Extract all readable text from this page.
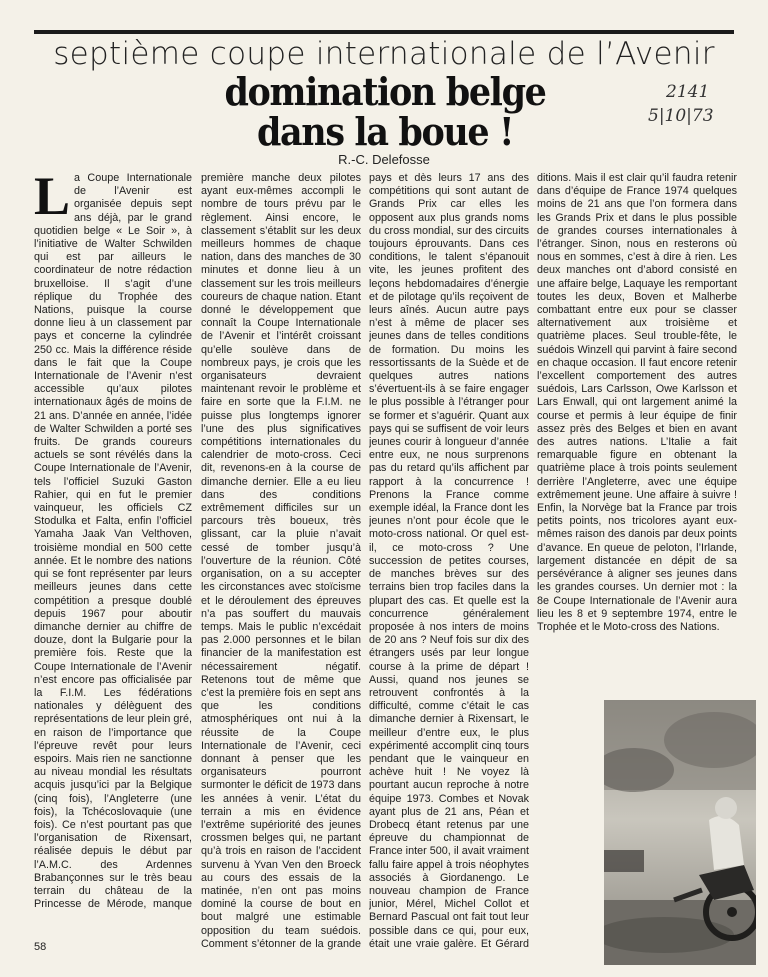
septième coupe internationale de l’Avenir
domination belge
dans la boue !
2141
5|10|73
R.-C. Delefosse
L a Coupe Internationale de l’Avenir est organisée depuis sept ans déjà, par le grand quotidien belge « Le Soir », à l’initiative de Walter Schwilden qui est par ailleurs le coordinateur de notre rédaction bruxelloise. Il s’agit d’une réplique du Trophée des Nations, puisque la course donne lieu à un classement par pays et concerne la cylindrée 250 cc. Mais la différence réside dans le fait que la Coupe Internationale de l’Avenir n’est accessible qu’aux pilotes internationaux âgés de moins de 21 ans. D’année en année, l’idée de Walter Schwilden a porté ses fruits. De grands coureurs actuels se sont révélés dans la Coupe Internationale de l’Avenir, tels l’officiel Suzuki Gaston Rahier, qui en fut le premier vainqueur, les officiels CZ Stodulka et Falta, enfin l’officiel Yamaha Jaak Van Velthoven, troisième mondial en 500 cette année. Et le nombre des nations qui se font représenter par leurs meilleurs jeunes dans cette compétition a presque doublé depuis 1967 pour aboutir dimanche dernier au chiffre de douze, dont la Bulgarie pour la première fois. Reste que la Coupe Internationale de l’Avenir n’est encore pas officialisée par la F.I.M. Les fédérations nationales y délèguent des représentations de leur plein gré, en raison de l’importance que l’épreuve revêt pour leurs espoirs. Mais rien ne sanctionne au niveau mondial les résultats acquis jusqu’ici par la Belgique (cinq fois), l’Angleterre (une fois), la Tchécoslovaquie (une fois). Ce n’est pourtant pas que l’organisation de Rixensart, réalisée depuis le début par l’A.M.C. des Ardennes Brabançonnes sur le très beau terrain du château de la Princesse de Mérode, manque

première manche deux pilotes ayant eux-mêmes accompli le nombre de tours prévu par le règlement. Ainsi encore, le classement s’établit sur les deux meilleurs hommes de chaque nation, dans des manches de 30 minutes et donne lieu à un classement sur les trois meilleurs coureurs de chaque nation. Etant donné le développement que connaît la Coupe Internationale de l’Avenir et l’intérêt croissant qu’elle soulève dans de nombreux pays, je crois que les organisateurs devraient maintenant revoir le problème et faire en sorte que la F.I.M. ne puisse plus longtemps ignorer l’une des plus significatives compétitions internationales du calendrier de moto-cross. Ceci dit, revenons-en à la course de dimanche dernier. Elle a eu lieu dans des conditions extrêmement difficiles sur un parcours très boueux, très glissant, car la pluie n’avait cessé de tomber jusqu’à l’ouverture de la réunion. Côté organisation, on a su accepter les circonstances avec stoïcisme et le déroulement des épreuves n’a pas souffert du mauvais temps. Mais le public n’excédait pas 2.000 personnes et le bilan financier de la manifestation est nécessairement négatif. Retenons tout de même que c’est la première fois en sept ans que les conditions atmosphériques ont nui à la réussite de la Coupe Internationale de l’Avenir, ceci donnant à penser que les organisateurs pourront surmonter le déficit de 1973 dans les années à venir. L’état du terrain a mis en évidence l’extrême supériorité des jeunes crossmen belges qui, ne partant qu’à trois en raison de l’accident survenu à Yvan Ven den Broeck au cours des essais de la matinée, n’en ont pas moins dominé la course de bout en bout malgré une estimable opposition du team suédois. Comment s’étonner de la grande

pays et dès leurs 17 ans des compétitions qui sont autant de Grands Prix car elles les opposent aux plus grands noms du cross mondial, sur des circuits toujours éprouvants. Dans ces conditions, le talent s’épanouit vite, les jeunes profitent des leçons hebdomadaires d’énergie et de pilotage qu’ils reçoivent de leurs aînés. Aucun autre pays n’est à même de placer ses jeunes dans de telles conditions de formation. Du moins les ressortissants de la Suède et de quelques autres nations s’évertuent-ils à se faire engager le plus possible à l’étranger pour se former et s’aguérir. Quant aux pays qui se suffisent de voir leurs jeunes courir à longueur d’année entre eux, ne nous surprenons pas du retard qu’ils affichent par rapport à la concurrence ! Prenons la France comme exemple idéal, la France dont les jeunes n’ont pour école que le moto-cross national. Or quel est-il, ce moto-cross ? Une succession de petites courses, de manches brèves sur des terrains bien trop faciles dans la plupart des cas. Et quelle est la concurrence généralement proposée à nos inters de moins de 20 ans ? Neuf fois sur dix des étrangers usés par leur longue course à la prime de départ ! Aussi, quand nos jeunes se retrouvent confrontés à la difficulté, comme c’était le cas dimanche dernier à Rixensart, le meilleur d’entre eux, le plus expérimenté accomplit cinq tours pendant que le vainqueur en achève huit ! Ne voyez là pourtant aucun reproche à notre équipe 1973. Combes et Novak ayant plus de 21 ans, Péan et Drobecq étant retenus par une épreuve du championnat de France inter 500, il avait vraiment fallu faire appel à trois néophytes associés à Giordanengo. Le nouveau champion de France junior, Mérel, Michel Collot et Bernard Pascual ont fait tout leur possible dans ce qui, pour eux, était une vraie galère. Et Gérard

ditions. Mais il est clair qu’il faudra retenir dans d’équipe de France 1974 quelques moins de 21 ans que l’on formera dans les Grands Prix et dans le plus possible de grandes courses internationales à l’étranger. Sinon, nous en resterons où nous en sommes, c’est à dire à rien. Les deux manches ont d’abord consisté en une affaire belge, Laquaye les remportant toutes les deux, Boven et Malherbe combattant entre eux pour se classer alternativement aux troisième et quatrième places. Seul trouble-fête, le suédois Winzell qui parvint à faire second en chaque occasion. Il faut encore retenir l’excellent comportement des autres suédois, Lars Carlsson, Owe Karlsson et Lars Enwall, qui ont largement animé la course et permis à leur équipe de finir assez près des Belges et bien en avant des autres nations. L’Italie a fait remarquable figure en obtenant la quatrième place à trois points seulement derrière l’Angleterre, avec une équipe extrêmement jeune. Une affaire à suivre ! Enfin, la Norvège bat la France par trois petits points, nos tricolores ayant eux-mêmes raison des danois par deux points d’avance. En queue de peloton, l’Irlande, largement distancée en dépit de sa persévérance à aligner ses jeunes dans les grandes courses. Un dernier mot : la 8e Coupe Internationale de l’Avenir aura lieu les 8 et 9 septembre 1974, entre le Trophée et le Moto-cross des Nations.

58
